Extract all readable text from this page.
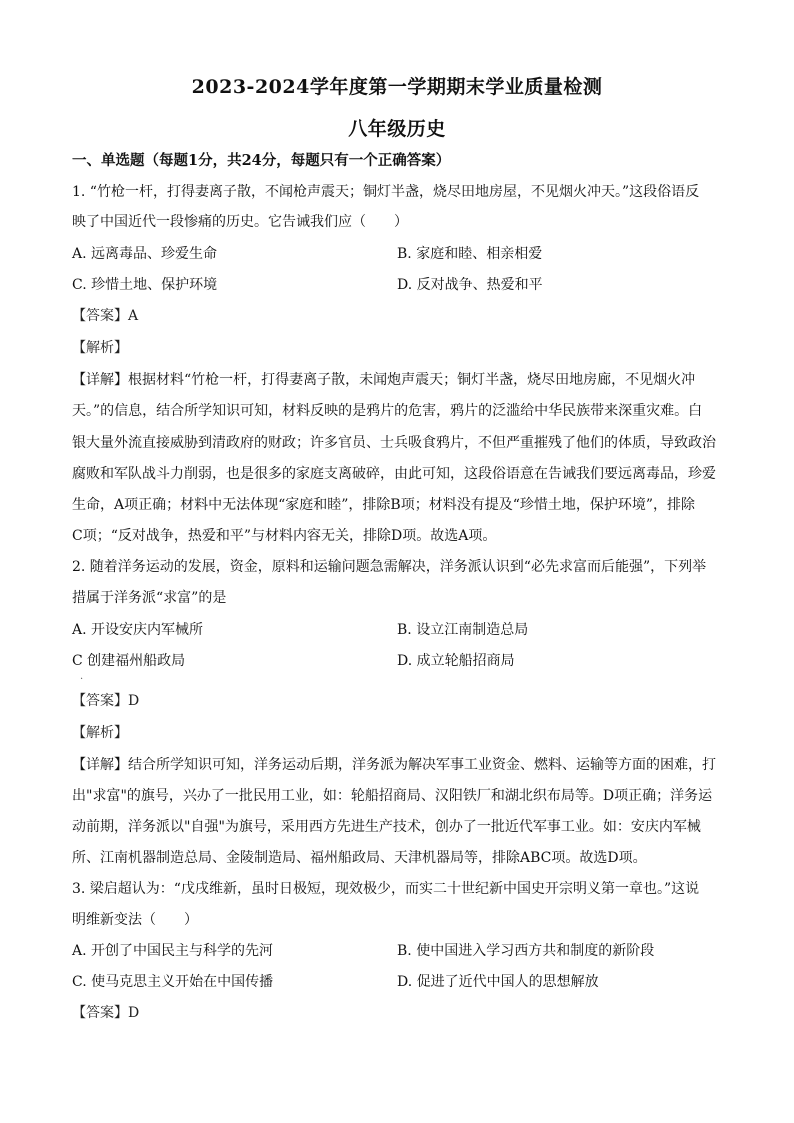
2023-2024学年度第一学期期末学业质量检测
八年级历史
一、单选题（每题1分，共24分，每题只有一个正确答案）
1. “竹枪一杆，打得妻离子散，不闻枪声震天；铜灯半盏，烧尽田地房屋，不见烟火冲天。”这段俗语反
映了中国近代一段惨痛的历史。它告诫我们应（　　）
A. 远离毒品、珍爱生命	B. 家庭和睦、相亲相爱
C. 珍惜土地、保护环境	D. 反对战争、热爱和平
【答案】A
【解析】
【详解】根据材料“竹枪一杆，打得妻离子散，未闻炮声震天；铜灯半盏，烧尽田地房廊，不见烟火冲
天。”的信息，结合所学知识可知，材料反映的是鸦片的危害，鸦片的泛滥给中华民族带来深重灾难。白
银大量外流直接威胁到清政府的财政；许多官员、士兵吸食鸦片，不但严重摧残了他们的体质，导致政治
腐败和军队战斗力削弱，也是很多的家庭支离破碎，由此可知，这段俗语意在告诫我们要远离毒品，珍爱
生命，A项正确；材料中无法体现“家庭和睦”，排除B项；材料没有提及“珍惜土地，保护环境”，排除
C项；“反对战争，热爱和平”与材料内容无关，排除D项。故选A项。
2. 随着洋务运动的发展，资金，原料和运输问题急需解决，洋务派认识到“必先求富而后能强”，下列举
措属于洋务派“求富”的是
A. 开设安庆内军械所	B. 设立江南制造总局
C 创建福州船政局	D. 成立轮船招商局
·
【答案】D
【解析】
【详解】结合所学知识可知，洋务运动后期，洋务派为解决军事工业资金、燃料、运输等方面的困难，打
出"求富"的旗号，兴办了一批民用工业，如：轮船招商局、汉阳铁厂和湖北织布局等。D项正确；洋务运
动前期，洋务派以"自强"为旗号，采用西方先进生产技术，创办了一批近代军事工业。如：安庆内军械
所、江南机器制造总局、金陵制造局、福州船政局、天津机器局等，排除ABC项。故选D项。
3. 梁启超认为：“戊戌维新，虽时日极短，现效极少，而实二十世纪新中国史开宗明义第一章也。”这说
明维新变法（　　）
A. 开创了中国民主与科学的先河	B. 使中国进入学习西方共和制度的新阶段
C. 使马克思主义开始在中国传播	D. 促进了近代中国人的思想解放
【答案】D
